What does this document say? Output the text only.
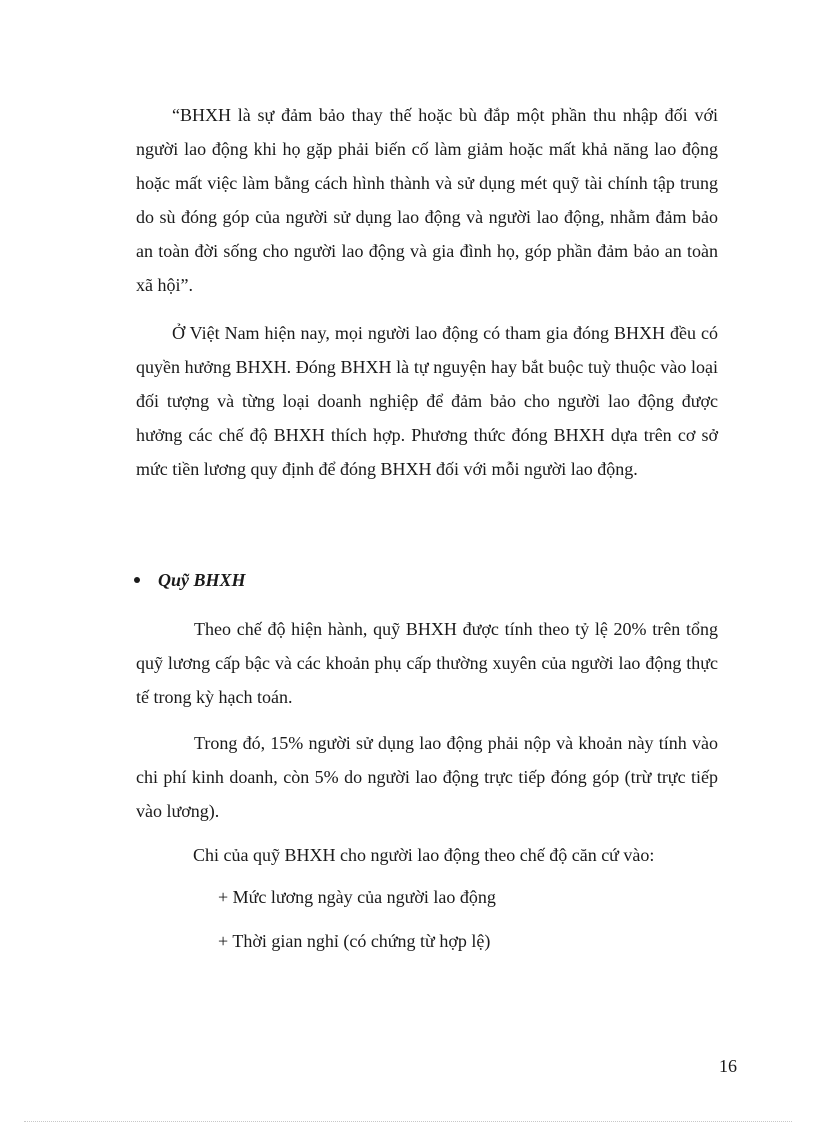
“BHXH là sự đảm bảo thay thế hoặc bù đắp một phần thu nhập đối với người lao động khi họ gặp phải biến cố làm giảm hoặc mất khả năng lao động hoặc mất việc làm bằng cách hình thành và sử dụng mét quỹ tài chính tập trung do sù đóng góp của người sử dụng lao động và người lao động, nhằm đảm bảo an toàn đời sống cho người lao động và gia đình họ, góp phần đảm bảo an toàn xã hội”.

Ở Việt Nam hiện nay, mọi người lao động có tham gia đóng BHXH đều có quyền hưởng BHXH. Đóng BHXH là tự nguyện hay bắt buộc tuỳ thuộc vào loại đối tượng và từng loại doanh nghiệp để đảm bảo cho người lao động được hưởng các chế độ BHXH thích hợp. Phương thức đóng BHXH dựa trên cơ sở mức tiền lương quy định để đóng BHXH đối với mỗi người lao động.

Quỹ BHXH

Theo chế độ hiện hành, quỹ BHXH được tính theo tỷ lệ 20% trên tổng quỹ lương cấp bậc và các khoản phụ cấp thường xuyên của người lao động thực tế trong kỳ hạch toán.

Trong đó, 15% người sử dụng lao động phải nộp và khoản này tính vào chi phí kinh doanh, còn 5% do người lao động trực tiếp đóng góp (trừ trực tiếp vào lương).

Chi của quỹ BHXH cho người lao động theo chế độ căn cứ vào:
+ Mức lương ngày của người lao động
+ Thời gian nghỉ (có chứng từ hợp lệ)
16
